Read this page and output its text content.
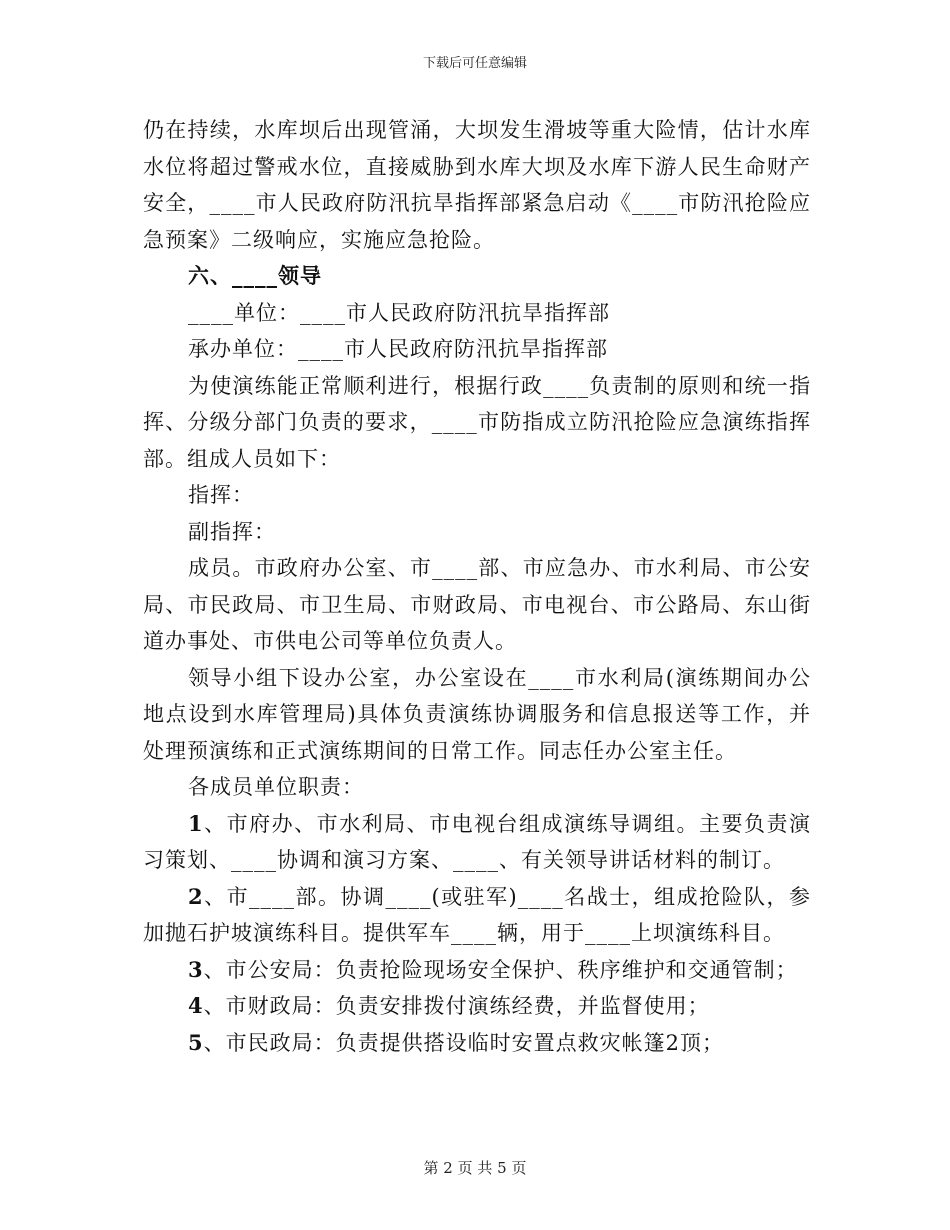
下载后可任意编辑

仍在持续，水库坝后出现管涌，大坝发生滑坡等重大险情，估计水库水位将超过警戒水位，直接威胁到水库大坝及水库下游人民生命财产安全，____市人民政府防汛抗旱指挥部紧急启动《____市防汛抢险应急预案》二级响应，实施应急抢险。

六、____领导

____单位：____市人民政府防汛抗旱指挥部

承办单位：____市人民政府防汛抗旱指挥部

为使演练能正常顺利进行，根据行政____负责制的原则和统一指挥、分级分部门负责的要求，____市防指成立防汛抢险应急演练指挥部。组成人员如下：

指挥：

副指挥：

成员。市政府办公室、市____部、市应急办、市水利局、市公安局、市民政局、市卫生局、市财政局、市电视台、市公路局、东山街道办事处、市供电公司等单位负责人。

领导小组下设办公室，办公室设在____市水利局(演练期间办公地点设到水库管理局)具体负责演练协调服务和信息报送等工作，并处理预演练和正式演练期间的日常工作。同志任办公室主任。

各成员单位职责：

1、市府办、市水利局、市电视台组成演练导调组。主要负责演习策划、____协调和演习方案、____、有关领导讲话材料的制订。

2、市____部。协调____(或驻军)____名战士，组成抢险队，参加抛石护坡演练科目。提供军车____辆，用于____上坝演练科目。

3、市公安局：负责抢险现场安全保护、秩序维护和交通管制；

4、市财政局：负责安排拨付演练经费，并监督使用；

5、市民政局：负责提供搭设临时安置点救灾帐篷2顶；

第 2 页 共 5 页
